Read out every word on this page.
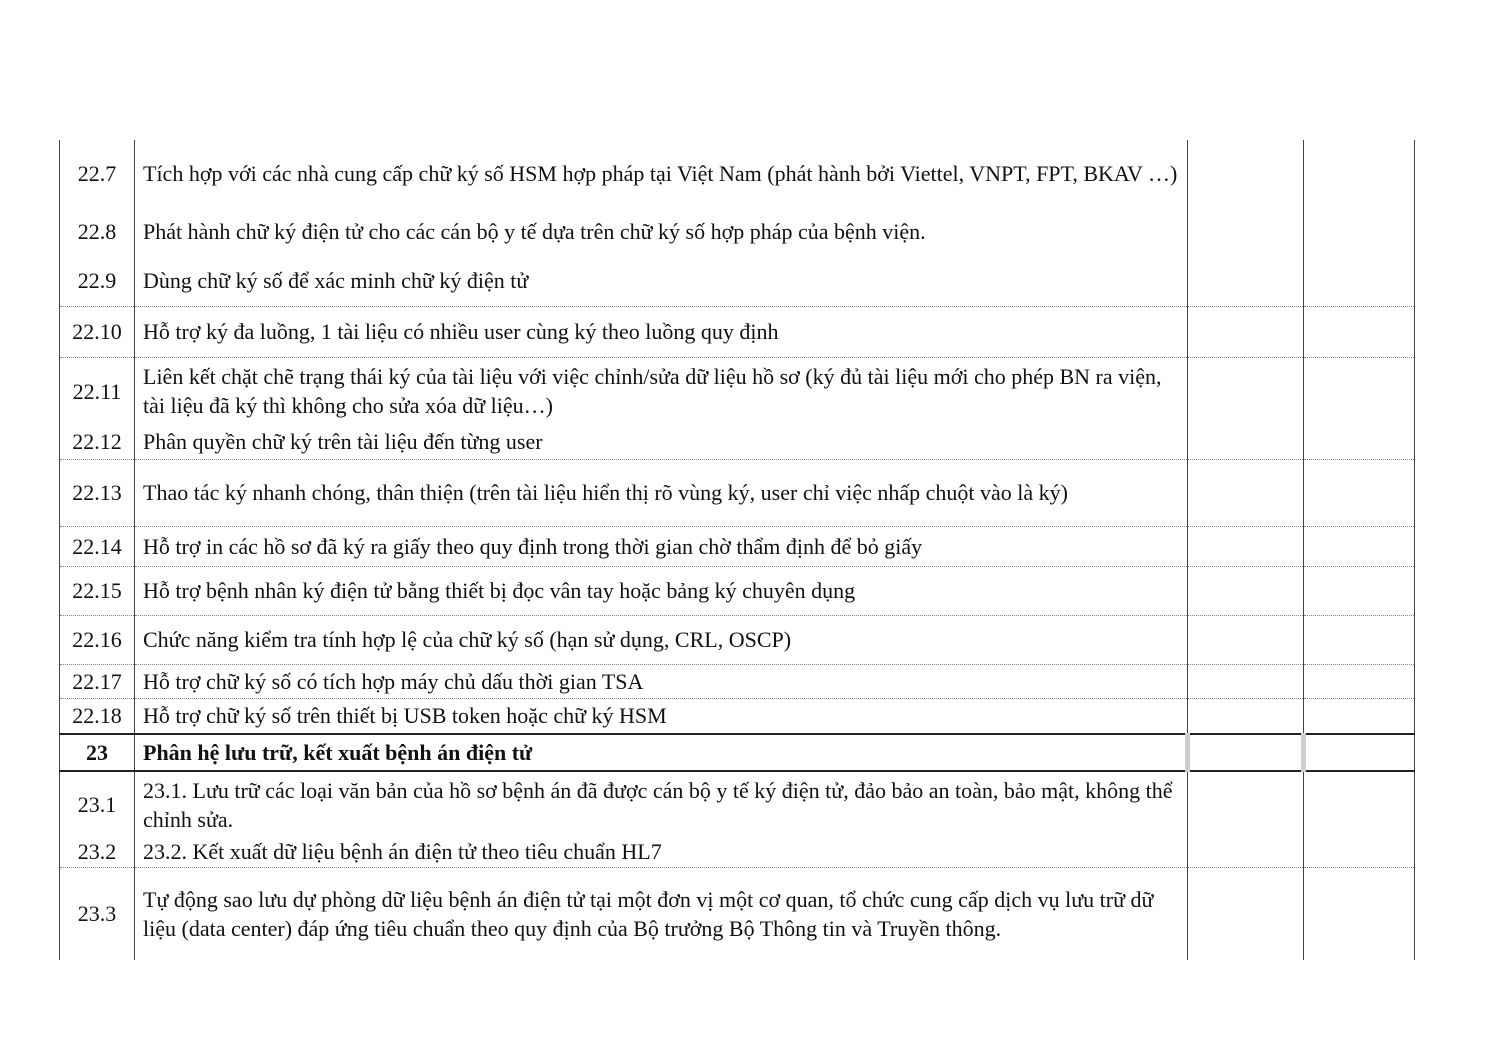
22.7	Tích hợp với các nhà cung cấp chữ ký số HSM hợp pháp tại Việt Nam (phát hành bởi Viettel, VNPT, FPT, BKAV …)		
22.8	Phát hành chữ ký điện tử cho các cán bộ y tế dựa trên chữ ký số hợp pháp của bệnh viện.		
22.9	Dùng chữ ký số để xác minh chữ ký điện tử		
22.10	Hỗ trợ ký đa luồng, 1 tài liệu có nhiều user cùng ký theo luồng quy định		
22.11	Liên kết chặt chẽ trạng thái ký của tài liệu với việc chỉnh/sửa dữ liệu hồ sơ (ký đủ tài liệu mới cho phép BN ra viện, tài liệu đã ký thì không cho sửa xóa dữ liệu…)		
22.12	Phân quyền chữ ký trên tài liệu đến từng user		
22.13	Thao tác ký nhanh chóng, thân thiện (trên tài liệu hiển thị rõ vùng ký, user chỉ việc nhấp chuột vào là ký)		
22.14	Hỗ trợ in các hồ sơ đã ký ra giấy theo quy định trong thời gian chờ thẩm định để bỏ giấy		
22.15	Hỗ trợ bệnh nhân ký điện tử bằng thiết bị đọc vân tay hoặc bảng ký chuyên dụng		
22.16	Chức năng kiểm tra tính hợp lệ của chữ ký số (hạn sử dụng, CRL, OSCP)		
22.17	Hỗ trợ chữ ký số có tích hợp máy chủ dấu thời gian TSA		
22.18	Hỗ trợ chữ ký số trên thiết bị USB token hoặc chữ ký HSM		
23	Phân hệ lưu trữ, kết xuất bệnh án điện tử		
23.1	23.1. Lưu trữ các loại văn bản của hồ sơ bệnh án đã được cán bộ y tế ký điện tử, đảo bảo an toàn, bảo mật, không thể chỉnh sửa.		
23.2	23.2. Kết xuất dữ liệu bệnh án điện tử theo tiêu chuẩn HL7		
23.3	Tự động sao lưu dự phòng dữ liệu bệnh án điện tử tại một đơn vị một cơ quan, tổ chức cung cấp dịch vụ lưu trữ dữ liệu (data center) đáp ứng tiêu chuẩn theo quy định của Bộ trưởng Bộ Thông tin và Truyền thông.		
